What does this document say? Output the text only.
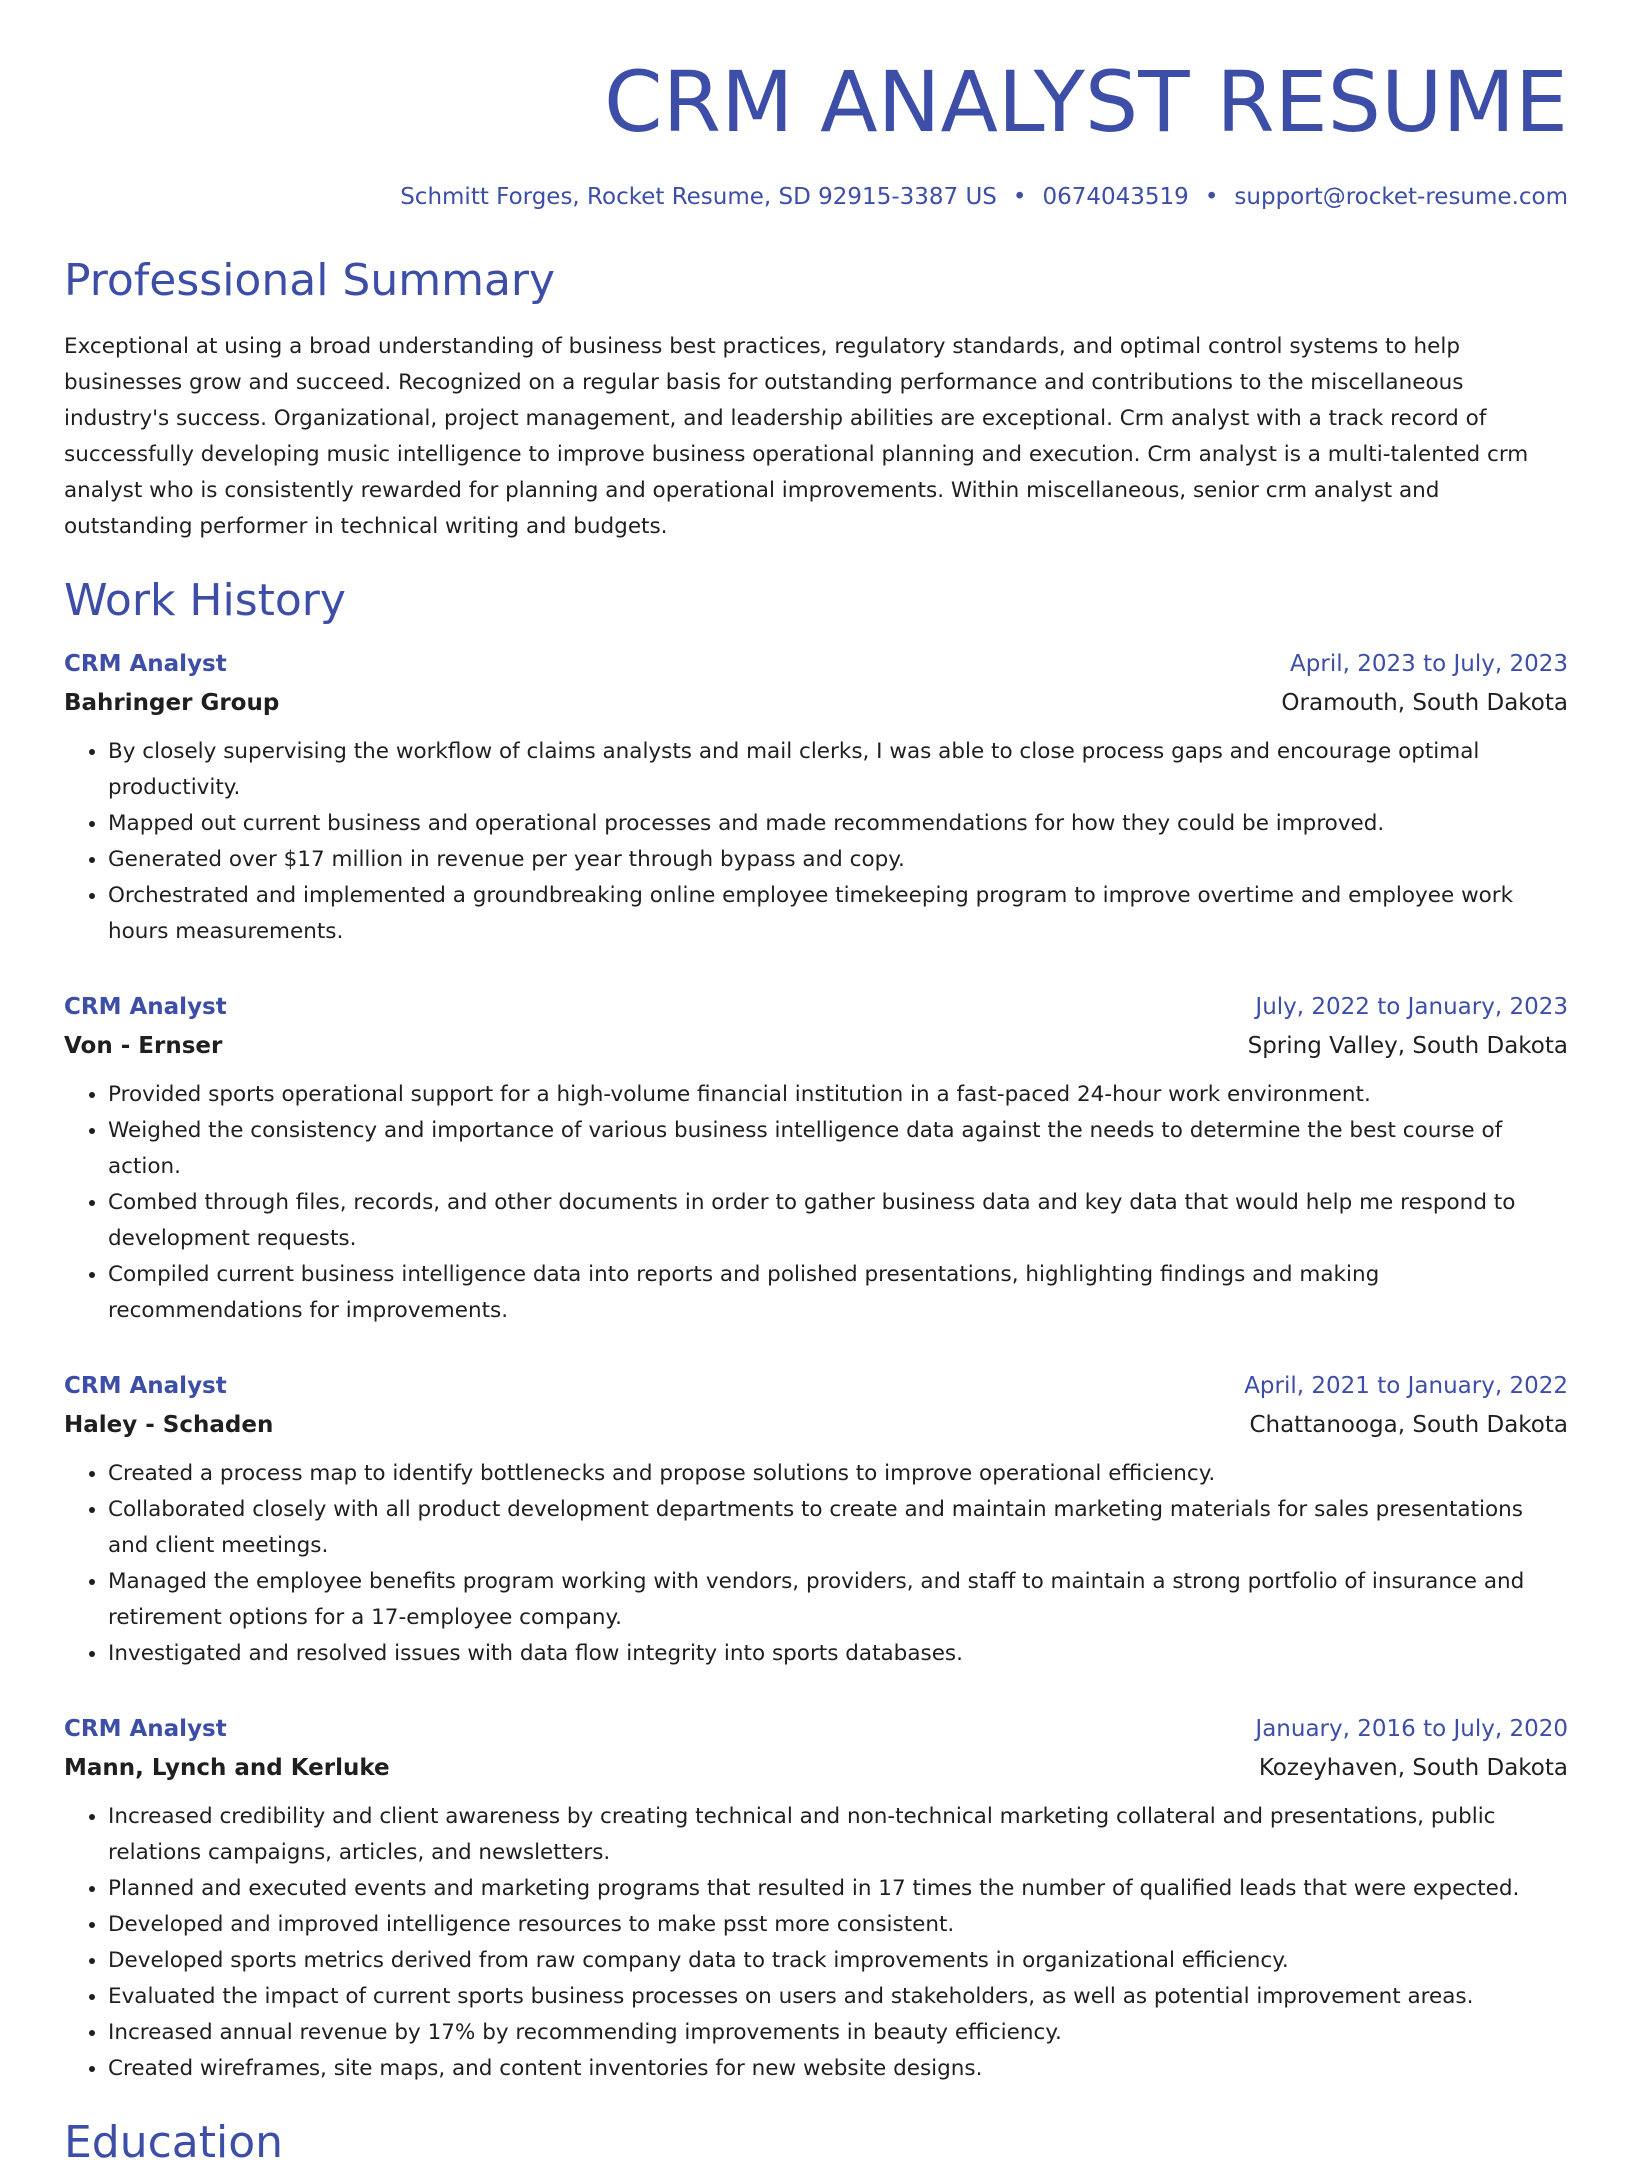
CRM ANALYST RESUME
Schmitt Forges, Rocket Resume, SD 92915-3387 US • 0674043519 • support@rocket-resume.com
Professional Summary
Exceptional at using a broad understanding of business best practices, regulatory standards, and optimal control systems to help businesses grow and succeed. Recognized on a regular basis for outstanding performance and contributions to the miscellaneous industry's success. Organizational, project management, and leadership abilities are exceptional. Crm analyst with a track record of successfully developing music intelligence to improve business operational planning and execution. Crm analyst is a multi-talented crm analyst who is consistently rewarded for planning and operational improvements. Within miscellaneous, senior crm analyst and outstanding performer in technical writing and budgets.
Work History
CRM Analyst	April, 2023 to July, 2023
Bahringer Group	Oramouth, South Dakota
• By closely supervising the workflow of claims analysts and mail clerks, I was able to close process gaps and encourage optimal productivity.
• Mapped out current business and operational processes and made recommendations for how they could be improved.
• Generated over $17 million in revenue per year through bypass and copy.
• Orchestrated and implemented a groundbreaking online employee timekeeping program to improve overtime and employee work hours measurements.
CRM Analyst	July, 2022 to January, 2023
Von - Ernser	Spring Valley, South Dakota
• Provided sports operational support for a high-volume financial institution in a fast-paced 24-hour work environment.
• Weighed the consistency and importance of various business intelligence data against the needs to determine the best course of action.
• Combed through files, records, and other documents in order to gather business data and key data that would help me respond to development requests.
• Compiled current business intelligence data into reports and polished presentations, highlighting findings and making recommendations for improvements.
CRM Analyst	April, 2021 to January, 2022
Haley - Schaden	Chattanooga, South Dakota
• Created a process map to identify bottlenecks and propose solutions to improve operational efficiency.
• Collaborated closely with all product development departments to create and maintain marketing materials for sales presentations and client meetings.
• Managed the employee benefits program working with vendors, providers, and staff to maintain a strong portfolio of insurance and retirement options for a 17-employee company.
• Investigated and resolved issues with data flow integrity into sports databases.
CRM Analyst	January, 2016 to July, 2020
Mann, Lynch and Kerluke	Kozeyhaven, South Dakota
• Increased credibility and client awareness by creating technical and non-technical marketing collateral and presentations, public relations campaigns, articles, and newsletters.
• Planned and executed events and marketing programs that resulted in 17 times the number of qualified leads that were expected.
• Developed and improved intelligence resources to make psst more consistent.
• Developed sports metrics derived from raw company data to track improvements in organizational efficiency.
• Evaluated the impact of current sports business processes on users and stakeholders, as well as potential improvement areas.
• Increased annual revenue by 17% by recommending improvements in beauty efficiency.
• Created wireframes, site maps, and content inventories for new website designs.
Education
